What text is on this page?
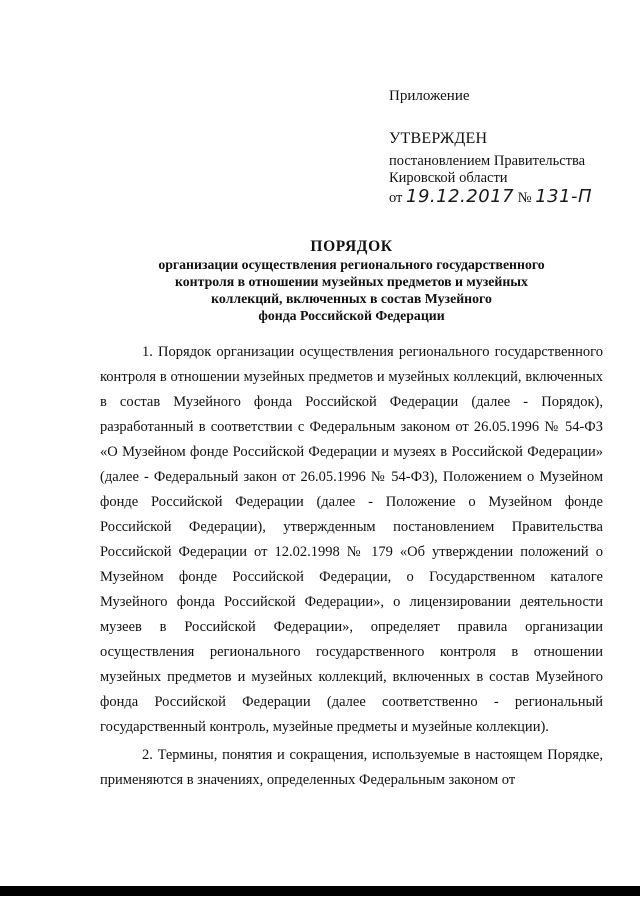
Приложение
УТВЕРЖДЕН
постановлением Правительства
Кировской области
от 19.12.2017 № 131-П
ПОРЯДОК
организации осуществления регионального государственного
контроля в отношении музейных предметов и музейных
коллекций, включенных в состав Музейного
фонда Российской Федерации

1. Порядок организации осуществления регионального государственного контроля в отношении музейных предметов и музейных коллекций, включенных в состав Музейного фонда Российской Федерации (далее - Порядок), разработанный в соответствии с Федеральным законом от 26.05.1996 № 54-ФЗ «О Музейном фонде Российской Федерации и музеях в Российской Федерации» (далее - Федеральный закон от 26.05.1996 № 54-ФЗ), Положением о Музейном фонде Российской Федерации (далее - Положение о Музейном фонде Российской Федерации), утвержденным постановлением Правительства Российской Федерации от 12.02.1998 № 179 «Об утверждении положений о Музейном фонде Российской Федерации, о Государственном каталоге Музейного фонда Российской Федерации», о лицензировании деятельности музеев в Российской Федерации», определяет правила организации осуществления регионального государственного контроля в отношении музейных предметов и музейных коллекций, включенных в состав Музейного фонда Российской Федерации (далее соответственно - региональный государственный контроль, музейные предметы и музейные коллекции).

2. Термины, понятия и сокращения, используемые в настоящем Порядке, применяются в значениях, определенных Федеральным законом от
